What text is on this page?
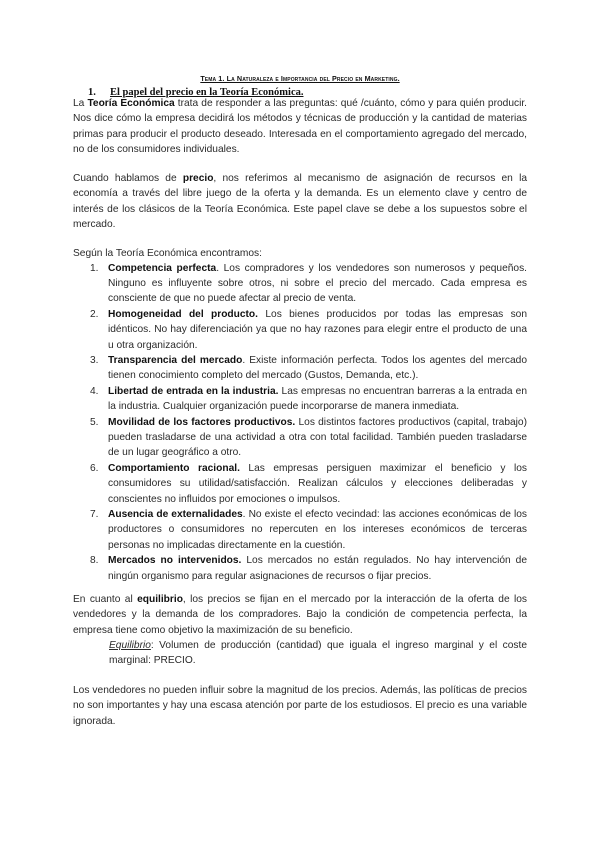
Tema 1. La Naturaleza e Importancia del Precio en Marketing.
1. El papel del precio en la Teoría Económica.

La Teoría Económica trata de responder a las preguntas: qué /cuánto, cómo y para quién producir. Nos dice cómo la empresa decidirá los métodos y técnicas de producción y la cantidad de materias primas para producir el producto deseado. Interesada en el comportamiento agregado del mercado, no de los consumidores individuales.

Cuando hablamos de precio, nos referimos al mecanismo de asignación de recursos en la economía a través del libre juego de la oferta y la demanda. Es un elemento clave y centro de interés de los clásicos de la Teoría Económica. Este papel clave se debe a los supuestos sobre el mercado.

Según la Teoría Económica encontramos:

1. Competencia perfecta. Los compradores y los vendedores son numerosos y pequeños. Ninguno es influyente sobre otros, ni sobre el precio del mercado. Cada empresa es consciente de que no puede afectar al precio de venta.
2. Homogeneidad del producto. Los bienes producidos por todas las empresas son idénticos. No hay diferenciación ya que no hay razones para elegir entre el producto de una u otra organización.
3. Transparencia del mercado. Existe información perfecta. Todos los agentes del mercado tienen conocimiento completo del mercado (Gustos, Demanda, etc.).
4. Libertad de entrada en la industria. Las empresas no encuentran barreras a la entrada en la industria. Cualquier organización puede incorporarse de manera inmediata.
5. Movilidad de los factores productivos. Los distintos factores productivos (capital, trabajo) pueden trasladarse de una actividad a otra con total facilidad. También pueden trasladarse de un lugar geográfico a otro.
6. Comportamiento racional. Las empresas persiguen maximizar el beneficio y los consumidores su utilidad/satisfacción. Realizan cálculos y elecciones deliberadas y conscientes no influidos por emociones o impulsos.
7. Ausencia de externalidades. No existe el efecto vecindad: las acciones económicas de los productores o consumidores no repercuten en los intereses económicos de terceras personas no implicadas directamente en la cuestión.
8. Mercados no intervenidos. Los mercados no están regulados. No hay intervención de ningún organismo para regular asignaciones de recursos o fijar precios.

En cuanto al equilibrio, los precios se fijan en el mercado por la interacción de la oferta de los vendedores y la demanda de los compradores. Bajo la condición de competencia perfecta, la empresa tiene como objetivo la maximización de su beneficio.

Equilibrio: Volumen de producción (cantidad) que iguala el ingreso marginal y el coste marginal: PRECIO.

Los vendedores no pueden influir sobre la magnitud de los precios. Además, las políticas de precios no son importantes y hay una escasa atención por parte de los estudiosos. El precio es una variable ignorada.
